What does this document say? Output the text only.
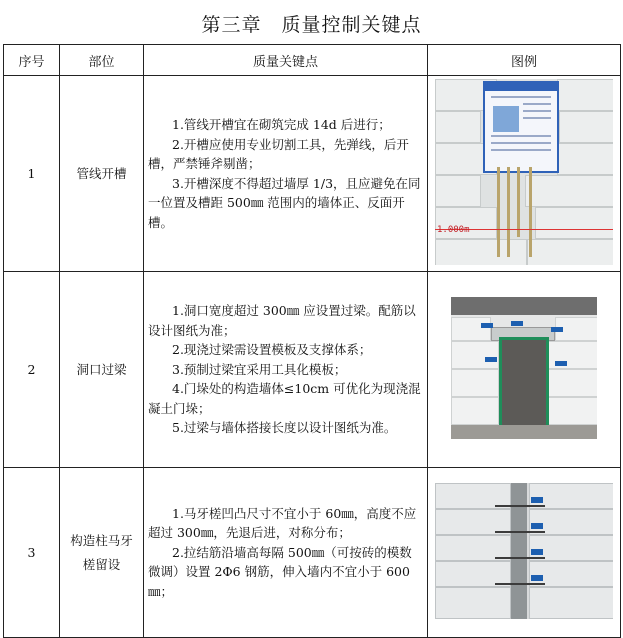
第三章　质量控制关键点
序号	部位	质量关键点	图例
1	管线开槽	1.管线开槽宜在砌筑完成 14d 后进行；
2.开槽应使用专业切割工具，先弹线，后开槽，严禁锤斧剔凿；
3.开槽深度不得超过墙厚 1/3，且应避免在同一位置及槽距 500㎜ 范围内的墙体正、反面开槽。	1.000m

2	洞口过梁	1.洞口宽度超过 300㎜ 应设置过梁。配筋以设计图纸为准；
2.现浇过梁需设置模板及支撑体系；
3.预制过梁宜采用工具化模板；
4.门垛处的构造墙体≤10cm 可优化为现浇混凝土门垛；
5.过梁与墙体搭接长度以设计图纸为准。	

3	构造柱马牙槎留设	1.马牙槎凹凸尺寸不宜小于 60㎜，高度不应超过 300㎜，先退后进，对称分布；
2.拉结筋沿墙高每隔 500㎜（可按砖的模数微调）设置 2Φ6 钢筋，伸入墙内不宜小于 600㎜；	
